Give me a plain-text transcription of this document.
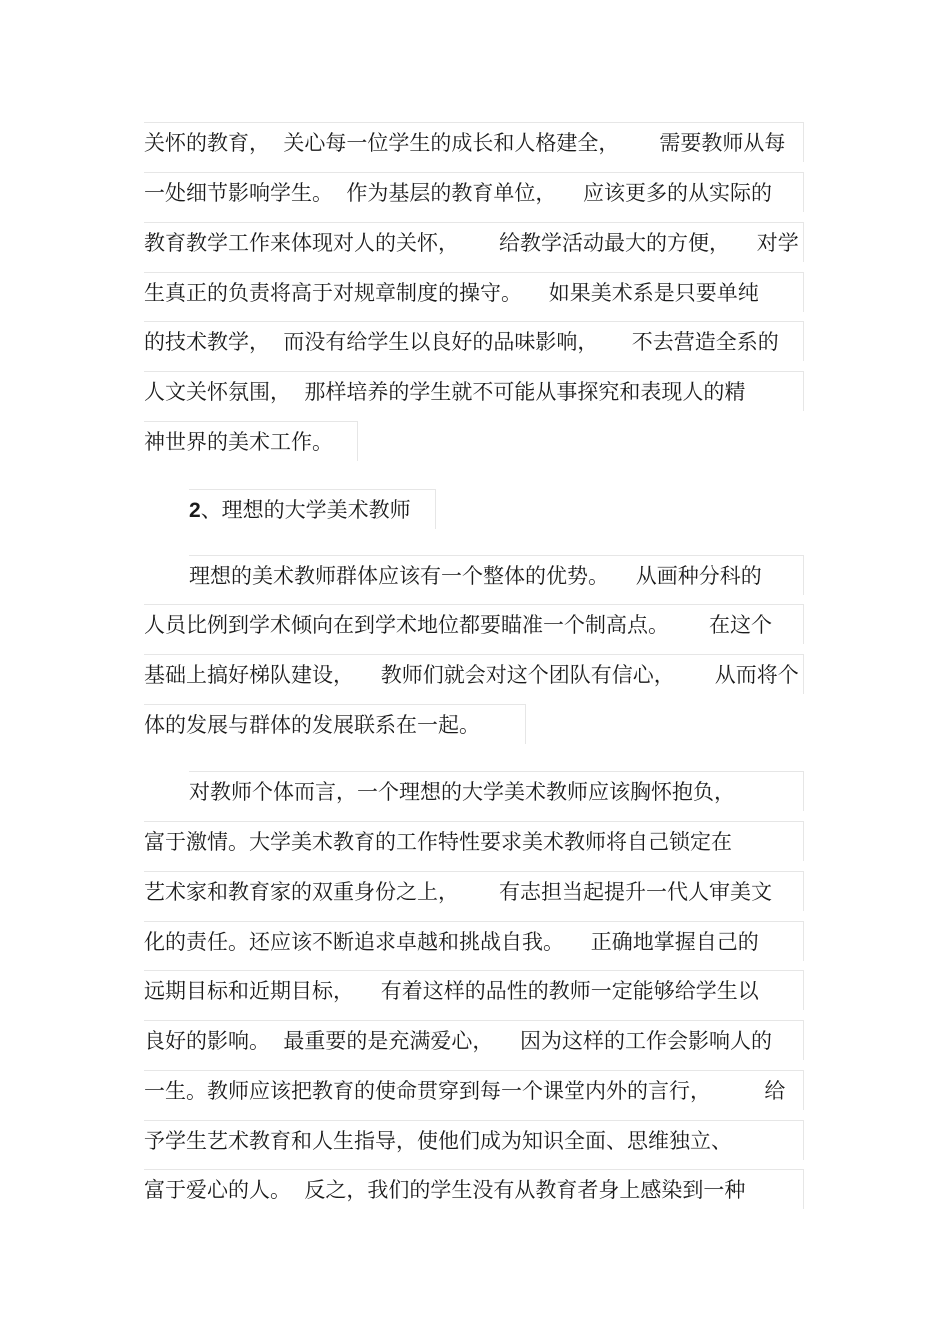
关怀的教育，  关心每一位学生的成长和人格建全，      需要教师从每
一处细节影响学生。  作为基层的教育单位，    应该更多的从实际的
教育教学工作来体现对人的关怀，      给教学活动最大的方便，    对学
生真正的负责将高于对规章制度的操守。    如果美术系是只要单纯
的技术教学，  而没有给学生以良好的品味影响，     不去营造全系的
人文关怀氛围，  那样培养的学生就不可能从事探究和表现人的精
神世界的美术工作。
2、理想的大学美术教师
理想的美术教师群体应该有一个整体的优势。    从画种分科的
人员比例到学术倾向在到学术地位都要瞄准一个制高点。      在这个
基础上搞好梯队建设，    教师们就会对这个团队有信心，      从而将个
体的发展与群体的发展联系在一起。
对教师个体而言，一个理想的大学美术教师应该胸怀抱负，
富于激情。大学美术教育的工作特性要求美术教师将自己锁定在
艺术家和教育家的双重身份之上，      有志担当起提升一代人审美文
化的责任。还应该不断追求卓越和挑战自我。    正确地掌握自己的
远期目标和近期目标，    有着这样的品性的教师一定能够给学生以
良好的影响。  最重要的是充满爱心，    因为这样的工作会影响人的
一生。教师应该把教育的使命贯穿到每一个课堂内外的言行，        给
予学生艺术教育和人生指导，使他们成为知识全面、思维独立、
富于爱心的人。  反之，我们的学生没有从教育者身上感染到一种
